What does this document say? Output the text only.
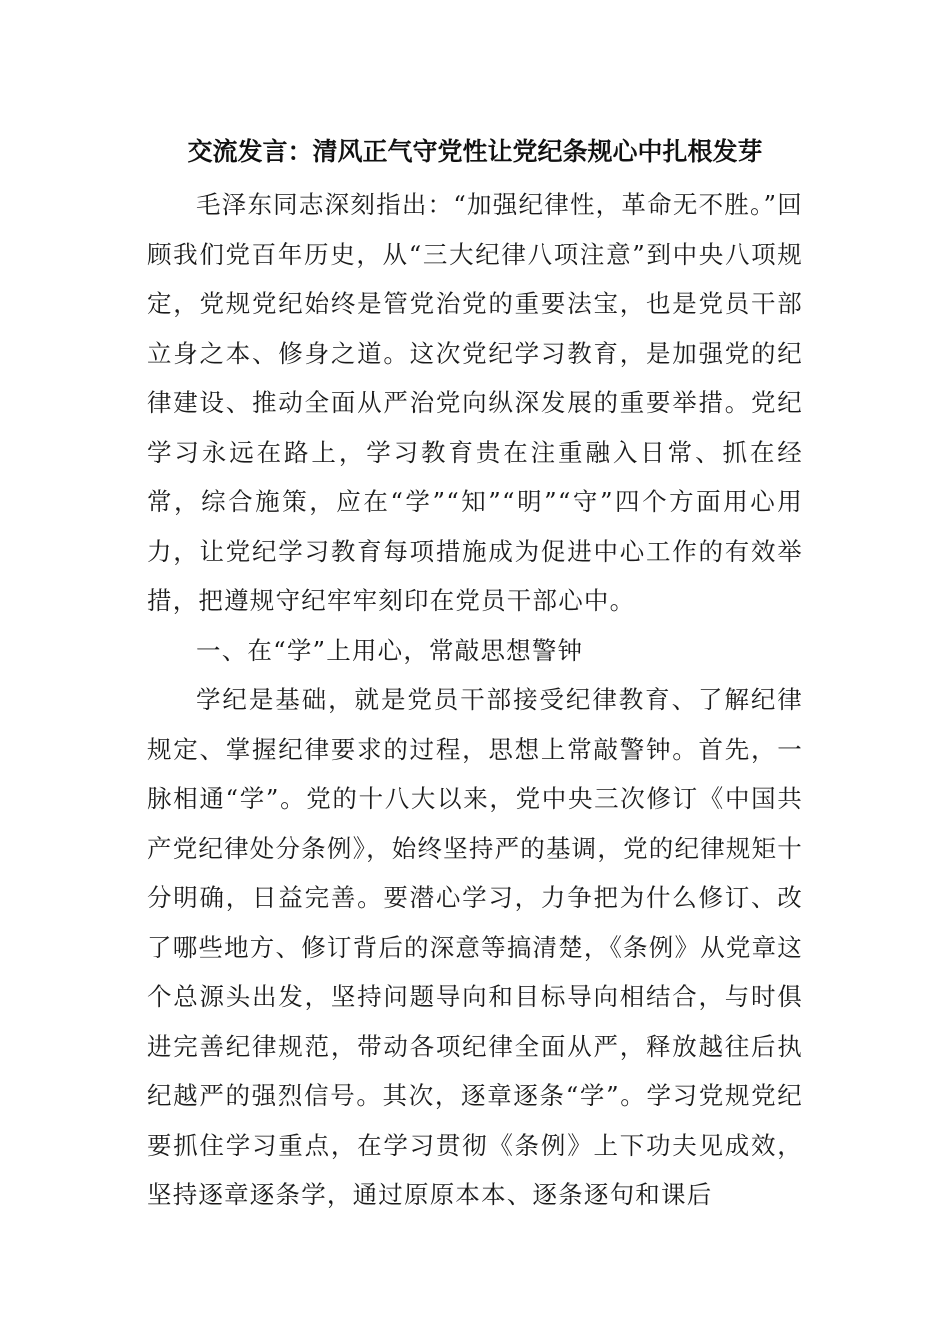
交流发言：清风正气守党性让党纪条规心中扎根发芽

毛泽东同志深刻指出：“加强纪律性，革命无不胜。”回顾我们党百年历史，从“三大纪律八项注意”到中央八项规定，党规党纪始终是管党治党的重要法宝，也是党员干部立身之本、修身之道。这次党纪学习教育，是加强党的纪律建设、推动全面从严治党向纵深发展的重要举措。党纪学习永远在路上，学习教育贵在注重融入日常、抓在经常，综合施策，应在“学”“知”“明”“守”四个方面用心用力，让党纪学习教育每项措施成为促进中心工作的有效举措，把遵规守纪牢牢刻印在党员干部心中。

一、在“学”上用心，常敲思想警钟

学纪是基础，就是党员干部接受纪律教育、了解纪律规定、掌握纪律要求的过程，思想上常敲警钟。首先，一脉相通“学”。党的十八大以来，党中央三次修订《中国共产党纪律处分条例》，始终坚持严的基调，党的纪律规矩十分明确，日益完善。要潜心学习，力争把为什么修订、改了哪些地方、修订背后的深意等搞清楚，《条例》从党章这个总源头出发，坚持问题导向和目标导向相结合，与时俱进完善纪律规范，带动各项纪律全面从严，释放越往后执纪越严的强烈信号。其次，逐章逐条“学”。学习党规党纪要抓住学习重点，在学习贯彻《条例》上下功夫见成效，坚持逐章逐条学，通过原原本本、逐条逐句和课后
